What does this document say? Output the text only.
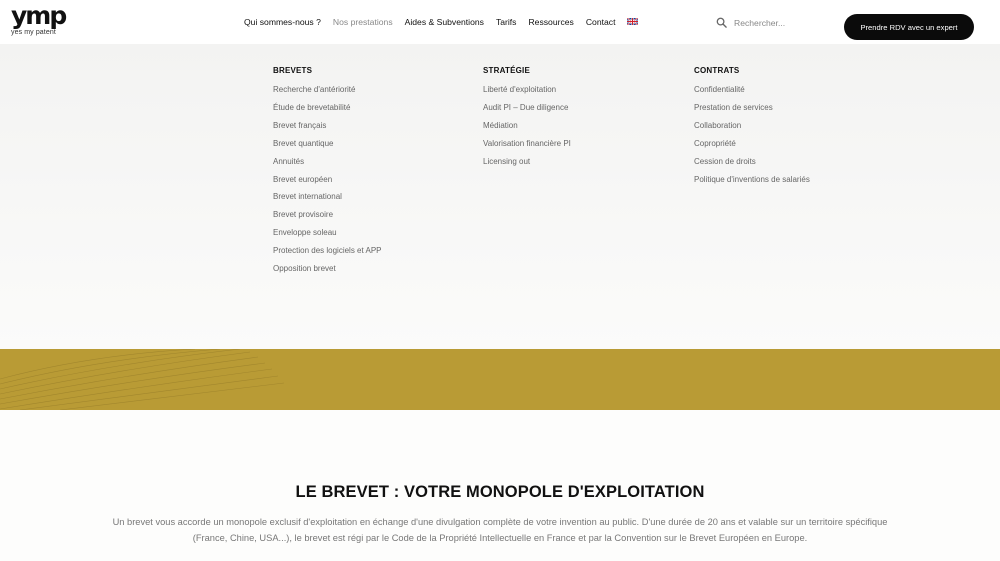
ymp
yes my patent
Qui sommes-nous ? Nos prestations Aides & Subventions Tarifs Ressources Contact
Rechercher...	Prendre RDV avec un expert
BREVETS
Recherche d'antériorité
Étude de brevetabilité
Brevet français
Brevet quantique
Annuités
Brevet européen
Brevet international
Brevet provisoire
Enveloppe soleau
Protection des logiciels et APP
Opposition brevet
STRATÉGIE
Liberté d'exploitation
Audit PI – Due diligence
Médiation
Valorisation financière PI
Licensing out
CONTRATS
Confidentialité
Prestation de services
Collaboration
Copropriété
Cession de droits
Politique d'inventions de salariés
LE BREVET : VOTRE MONOPOLE D'EXPLOITATION

Un brevet vous accorde un monopole exclusif d'exploitation en échange d'une divulgation complète de votre invention au public. D'une durée de 20 ans et valable sur un territoire spécifique (France, Chine, USA...), le brevet est régi par le Code de la Propriété Intellectuelle en France et par la Convention sur le Brevet Européen en Europe.
